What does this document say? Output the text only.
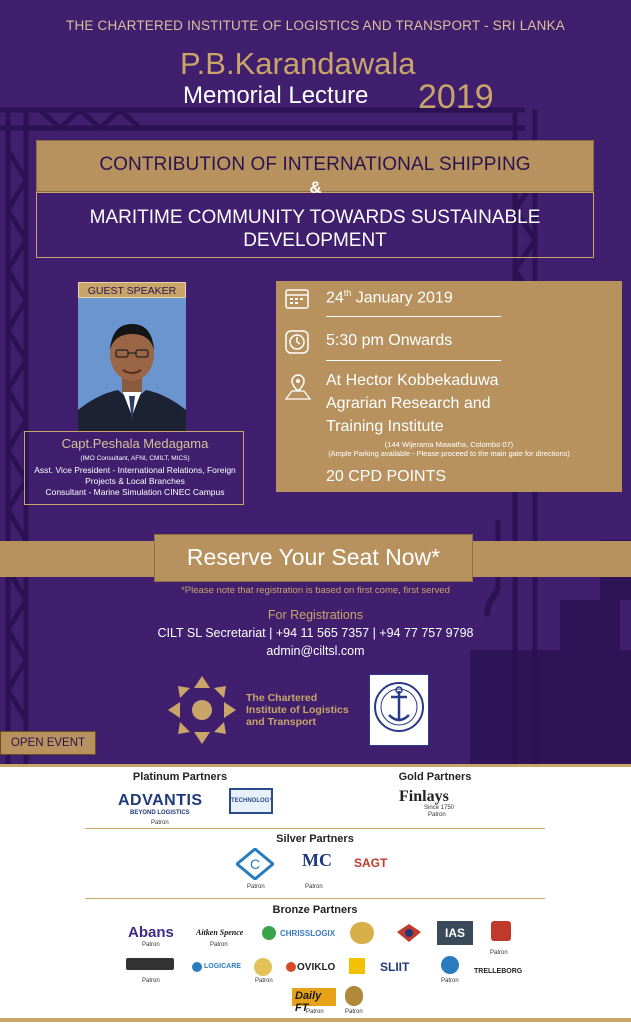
THE CHARTERED INSTITUTE OF LOGISTICS AND TRANSPORT - SRI LANKA
P.B.Karandawala
Memorial Lecture 2019
CONTRIBUTION OF INTERNATIONAL SHIPPING
MARITIME COMMUNITY TOWARDS SUSTAINABLE
DEVELOPMENT
&
GUEST SPEAKER
Capt.Peshala Medagama
(IMO Consultant, AFNI, CMILT, MICS)
Asst. Vice President - International Relations, Foreign
Projects & Local Branches
Consultant - Marine Simulation CINEC Campus
24th January 2019
5:30 pm Onwards
At Hector Kobbekaduwa
Agrarian Research and
Training Institute
(144 Wijerama Mawatha, Colombo 07)
(Ample Parking available - Please proceed to the main gate for directions)
20 CPD POINTS
Reserve Your Seat Now*
*Please note that registration is based on first come, first served
For Registrations
CILT SL Secretariat | +94 11 565 7357 | +94 77 757 9798
admin@ciltsl.com
The Chartered
Institute of Logistics
and Transport
OPEN EVENT
Platinum Partners
ADVANTIS
BEYOND LOGISTICS
TECHNOLOGY
Patron
Gold Partners
Finlays
Since 1750
Patron
Silver Partners
C MC SAGT
Patron	Patron
Bronze Partners
Abans	Aitken Spence	CHRISSLOGIX	IAS
Patron	Patron
Patron
LOGICARE	OVIKLO	SLIIT	TRELLEBORG
Patron	Patron	Patron
Daily FT
Patron	Patron
